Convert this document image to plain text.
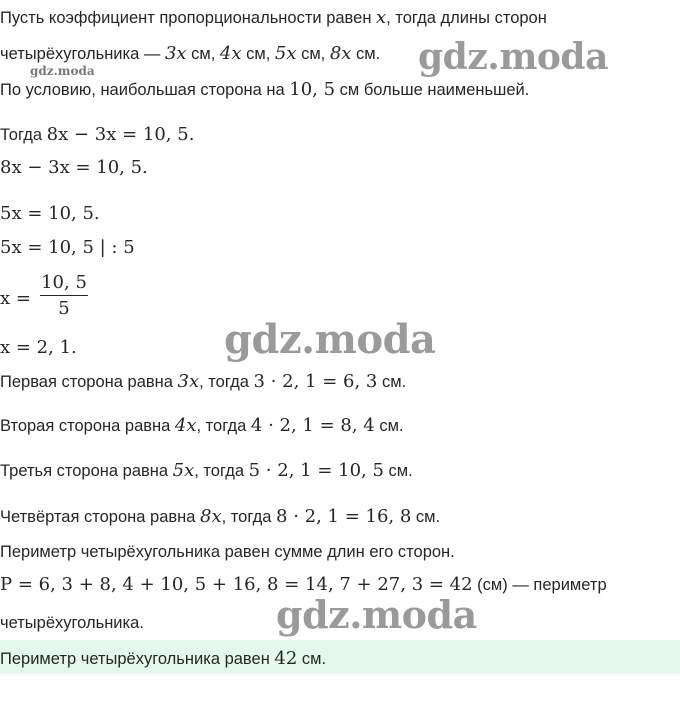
Пусть коэффициент пропорциональности равен x, тогда длины сторон
четырёхугольника — 3x см, 4x см, 5x см, 8x см. gdz.moda
gdz.moda
По условию, наибольшая сторона на 10, 5 см больше наименьшей.
Тогда 8x − 3x = 10, 5.
8x − 3x = 10, 5.
5x = 10, 5.
5x = 10, 5 | : 5
x =
10, 5
5
x = 2, 1.	gdz.moda
Первая сторона равна 3x, тогда 3 · 2, 1 = 6, 3 см.
Вторая сторона равна 4x, тогда 4 · 2, 1 = 8, 4 см.
Третья сторона равна 5x, тогда 5 · 2, 1 = 10, 5 см.
Четвёртая сторона равна 8x, тогда 8 · 2, 1 = 16, 8 см.
Периметр четырёхугольника равен сумме длин его сторон.
P = 6, 3 + 8, 4 + 10, 5 + 16, 8 = 14, 7 + 27, 3 = 42 (см) — периметр
четырёхугольника.	gdz.moda
Периметр четырёхугольника равен 42 см.
